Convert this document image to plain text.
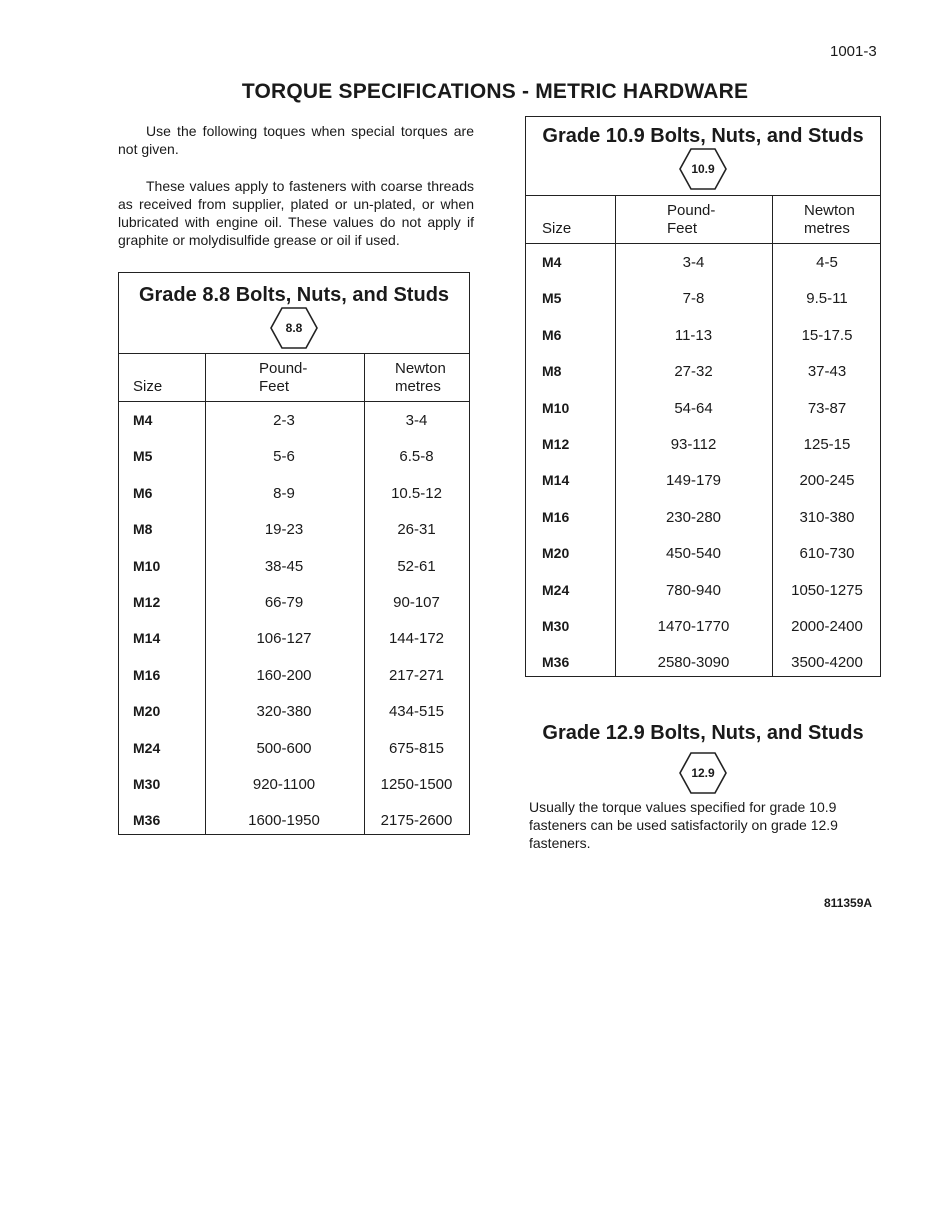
1001-3
TORQUE SPECIFICATIONS - METRIC HARDWARE

Use the following toques when special torques are not given.

These values apply to fasteners with coarse threads as received from supplier, plated or un-plated, or when lubricated with engine oil. These values do not apply if graphite or molydisulfide grease or oil if used.

Grade 8.8 Bolts, Nuts, and Studs
8.8
Size
Pound-
Feet
Newton
metres
M4	2-3	3-4
M5	5-6	6.5-8
M6	8-9	10.5-12
M8	19-23	26-31
M10	38-45	52-61
M12	66-79	90-107
M14	106-127	144-172
M16	160-200	217-271
M20	320-380	434-515
M24	500-600	675-815
M30	920-1100	1250-1500
M36	1600-1950	2175-2600
Grade 10.9 Bolts, Nuts, and Studs
10.9
Size
Pound-
Feet
Newton
metres
M4	3-4	4-5
M5	7-8	9.5-11
M6	11-13	15-17.5
M8	27-32	37-43
M10	54-64	73-87
M12	93-112	125-15
M14	149-179	200-245
M16	230-280	310-380
M20	450-540	610-730
M24	780-940	1050-1275
M30	1470-1770	2000-2400
M36	2580-3090	3500-4200
Grade 12.9 Bolts, Nuts, and Studs
12.9

Usually the torque values specified for grade 10.9 fasteners can be used satisfactorily on grade 12.9 fasteners.

811359A
